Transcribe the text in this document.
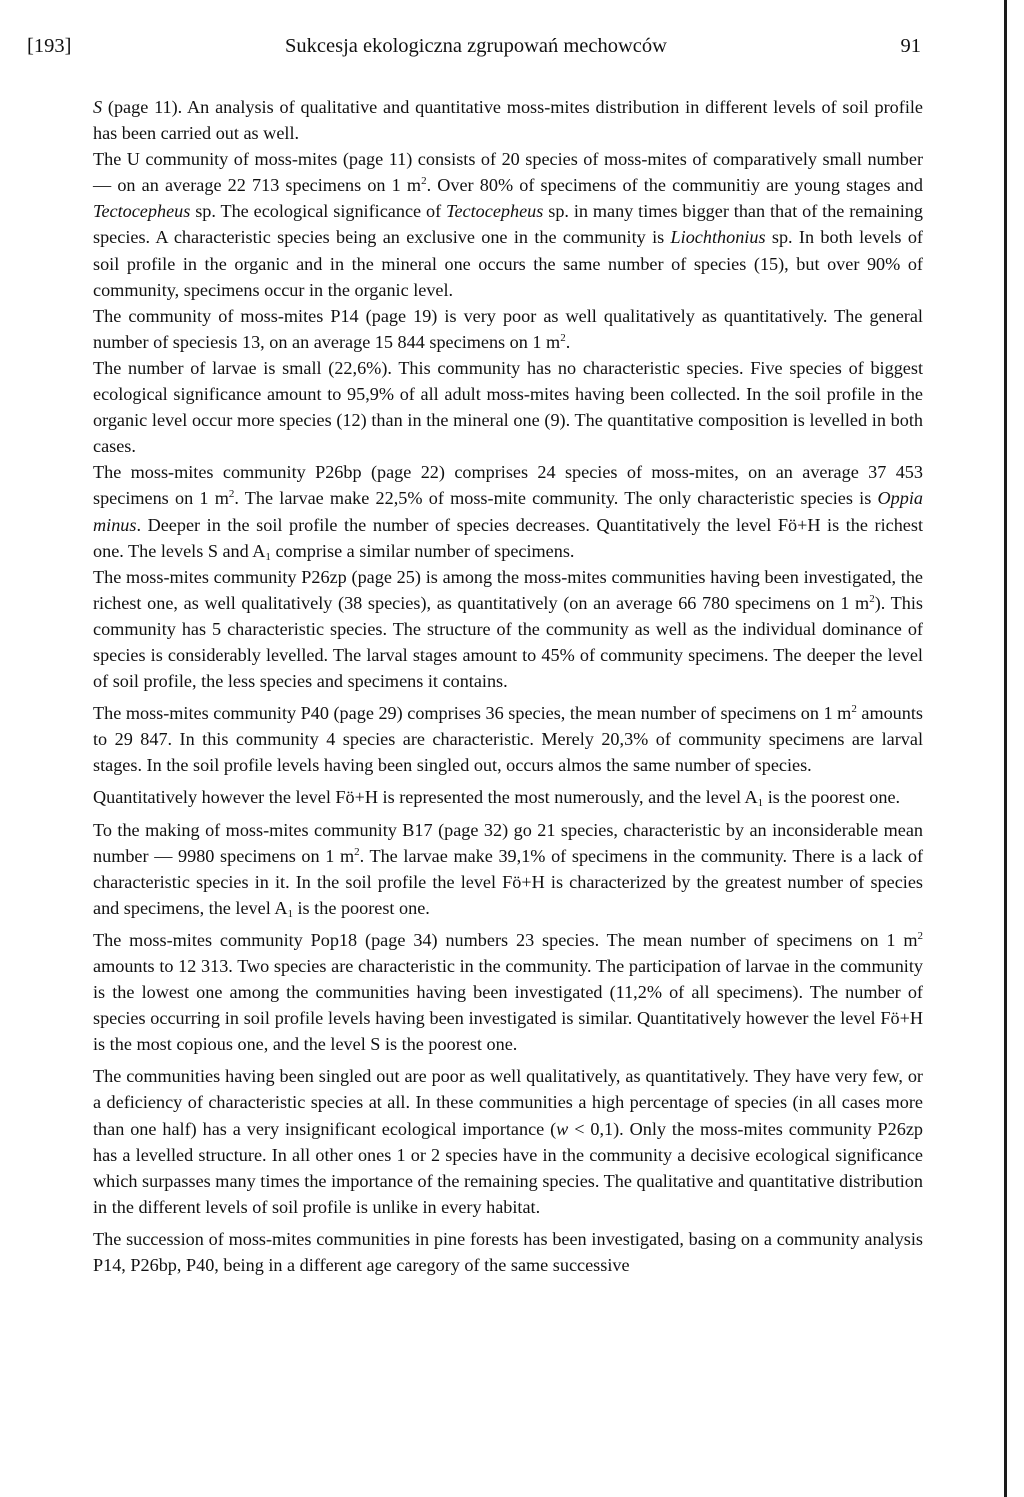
[193]	Sukcesja ekologiczna zgrupowań mechowców	91

S (page 11). An analysis of qualitative and quantitative moss-mites distribution in different levels of soil profile has been carried out as well.

The U community of moss-mites (page 11) consists of 20 species of moss-mites of comparatively small number — on an average 22 713 specimens on 1 $m^2$. Over 80% of specimens of the communitiy are young stages and Tectocepheus sp. The ecological significance of Tectocepheus sp. in many times bigger than that of the remaining species. A characteristic species being an exclusive one in the community is Liochthonius sp. In both levels of soil profile in the organic and in the mineral one occurs the same number of species (15), but over 90% of community, specimens occur in the organic level.

The community of moss-mites P14 (page 19) is very poor as well qualitatively as quantitatively. The general number of speciesis 13, on an average 15 844 specimens on 1 $m^2$.

The number of larvae is small (22,6%). This community has no characteristic species. Five species of biggest ecological significance amount to 95,9% of all adult moss-mites having been collected. In the soil profile in the organic level occur more species (12) than in the mineral one (9). The quantitative composition is levelled in both cases.

The moss-mites community P26bp (page 22) comprises 24 species of moss-mites, on an average 37 453 specimens on 1 $m^2$. The larvae make 22,5% of moss-mite community. The only characteristic species is Oppia minus. Deeper in the soil profile the number of species decreases. Quantitatively the level Fö+H is the richest one. The levels S and $A_1$ comprise a similar number of specimens.

The moss-mites community P26zp (page 25) is among the moss-mites communities having been investigated, the richest one, as well qualitatively (38 species), as quantitatively (on an average 66 780 specimens on 1 $m^2$). This community has 5 characteristic species. The structure of the community as well as the individual dominance of species is considerably levelled. The larval stages amount to 45% of community specimens. The deeper the level of soil profile, the less species and specimens it contains.

The moss-mites community P40 (page 29) comprises 36 species, the mean number of specimens on 1 $m^2$ amounts to 29 847. In this community 4 species are characteristic. Merely 20,3% of community specimens are larval stages. In the soil profile levels having been singled out, occurs almos the same number of species.

Quantitatively however the level Fö+H is represented the most numerously, and the level $A_1$ is the poorest one.

To the making of moss-mites community B17 (page 32) go 21 species, characteristic by an inconsiderable mean number — 9980 specimens on 1 $m^2$. The larvae make 39,1% of specimens in the community. There is a lack of characteristic species in it. In the soil profile the level Fö+H is characterized by the greatest number of species and specimens, the level $A_1$ is the poorest one.

The moss-mites community Pop18 (page 34) numbers 23 species. The mean number of specimens on 1 $m^2$ amounts to 12 313. Two species are characteristic in the community. The participation of larvae in the community is the lowest one among the communities having been investigated (11,2% of all specimens). The number of species occurring in soil profile levels having been investigated is similar. Quantitatively however the level Fö+H is the most copious one, and the level S is the poorest one.

The communities having been singled out are poor as well qualitatively, as quantitatively. They have very few, or a deficiency of characteristic species at all. In these communities a high percentage of species (in all cases more than one half) has a very insignificant ecological importance (w < 0,1). Only the moss-mites community P26zp has a levelled structure. In all other ones 1 or 2 species have in the community a decisive ecological significance which surpasses many times the importance of the remaining species. The qualitative and quantitative distribution in the different levels of soil profile is unlike in every habitat.

The succession of moss-mites communities in pine forests has been investigated, basing on a community analysis P14, P26bp, P40, being in a different age caregory of the same successive
